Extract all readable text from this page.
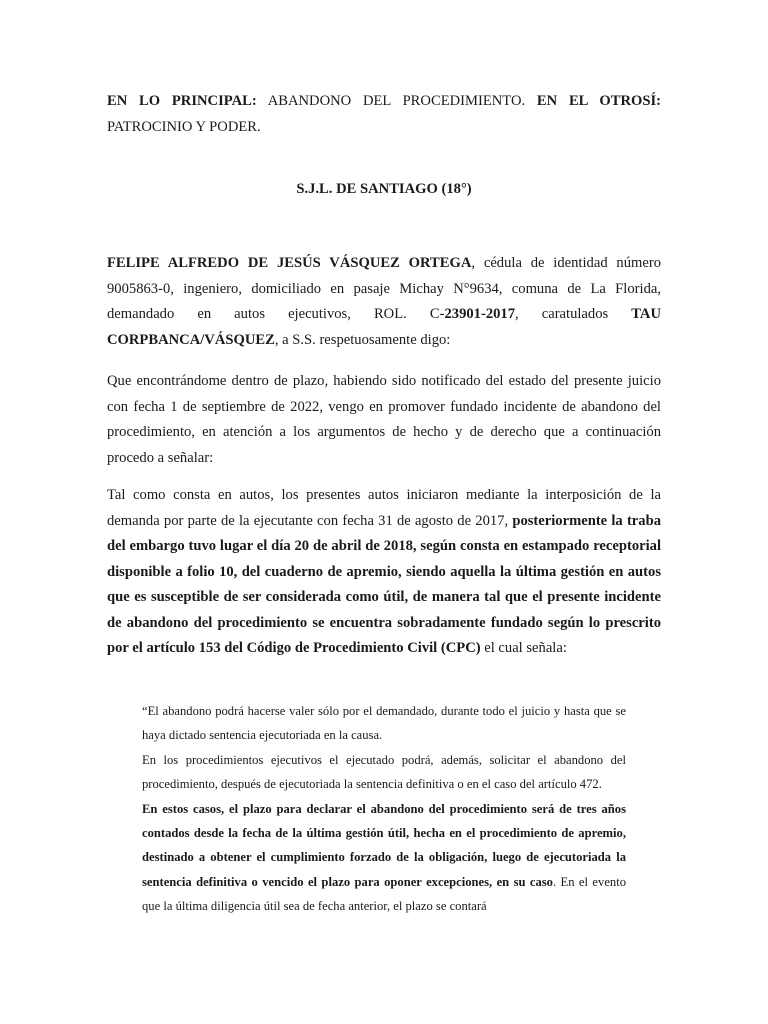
EN LO PRINCIPAL: ABANDONO DEL PROCEDIMIENTO. EN EL OTROSÍ: PATROCINIO Y PODER.

S.J.L. DE SANTIAGO (18°)

FELIPE ALFREDO DE JESÚS VÁSQUEZ ORTEGA, cédula de identidad número 9005863-0, ingeniero, domiciliado en pasaje Michay N°9634, comuna de La Florida, demandado en autos ejecutivos, ROL. C-23901-2017, caratulados TAU CORPBANCA/VÁSQUEZ, a S.S. respetuosamente digo:

Que encontrándome dentro de plazo, habiendo sido notificado del estado del presente juicio con fecha 1 de septiembre de 2022, vengo en promover fundado incidente de abandono del procedimiento, en atención a los argumentos de hecho y de derecho que a continuación procedo a señalar:

Tal como consta en autos, los presentes autos iniciaron mediante la interposición de la demanda por parte de la ejecutante con fecha 31 de agosto de 2017, posteriormente la traba del embargo tuvo lugar el día 20 de abril de 2018, según consta en estampado receptorial disponible a folio 10, del cuaderno de apremio, siendo aquella la última gestión en autos que es susceptible de ser considerada como útil, de manera tal que el presente incidente de abandono del procedimiento se encuentra sobradamente fundado según lo prescrito por el artículo 153 del Código de Procedimiento Civil (CPC) el cual señala:

“El abandono podrá hacerse valer sólo por el demandado, durante todo el juicio y hasta que se haya dictado sentencia ejecutoriada en la causa.

En los procedimientos ejecutivos el ejecutado podrá, además, solicitar el abandono del procedimiento, después de ejecutoriada la sentencia definitiva o en el caso del artículo 472.

En estos casos, el plazo para declarar el abandono del procedimiento será de tres años contados desde la fecha de la última gestión útil, hecha en el procedimiento de apremio, destinado a obtener el cumplimiento forzado de la obligación, luego de ejecutoriada la sentencia definitiva o vencido el plazo para oponer excepciones, en su caso. En el evento que la última diligencia útil sea de fecha anterior, el plazo se contará
